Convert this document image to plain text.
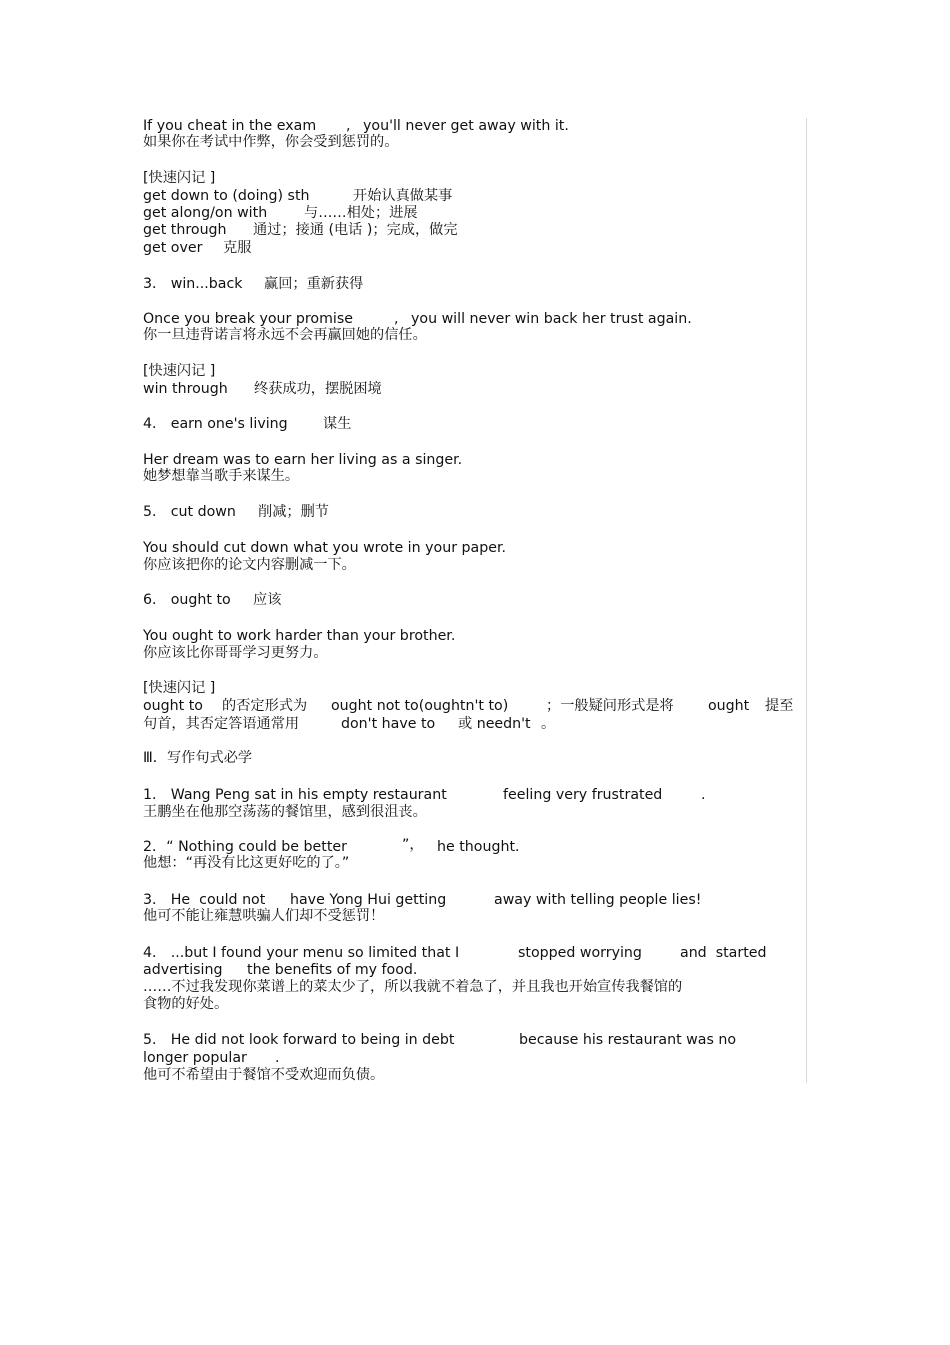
If you cheat in the exam , you'll never get away with it.
如果你在考试中作弊，你会受到惩罚的。
[快速闪记 ]
get down to (doing) sth	开始认真做某事
get along/on with	与……相处；进展
get through 通过；接通 (电话 )；完成，做完
get over 克服
3． win...back 赢回；重新获得
Once you break your promise	, you will never win back her trust again.
你一旦违背诺言将永远不会再赢回她的信任。
[快速闪记 ]
win through 终获成功，摆脱困境
4． earn one's living 谋生
Her dream was to earn her living as a singer.
她梦想靠当歌手来谋生。
5． cut down 削减；删节
You should cut down what you wrote in your paper.
你应该把你的论文内容删减一下。
6． ought to 应该
You ought to work harder than your brother.
你应该比你哥哥学习更努力。
[快速闪记 ]
ought to 的否定形式为 ought not to(oughtn't to)	；一般疑问形式是将 ought 提至
句首，其否定答语通常用	don't have to 或 needn't 。
Ⅲ．写作句式必学
1． Wang Peng sat in his empty restaurant	feeling very frustrated	.
王鹏坐在他那空荡荡的餐馆里，感到很沮丧。
2．“ Nothing could be better	”， he thought.
他想：“再没有比这更好吃的了。”
3． He  could not have Yong Hui getting	away with telling people lies!
他可不能让雍慧哄骗人们却不受惩罚！
4． ...but I found your menu so limited that I	stopped worrying	and  started
advertising the benefits of my food.
……不过我发现你菜谱上的菜太少了，所以我就不着急了，并且我也开始宣传我餐馆的
食物的好处。
5． He did not look forward to being in debt	because his restaurant was no
longer popular .
他可不希望由于餐馆不受欢迎而负债。
